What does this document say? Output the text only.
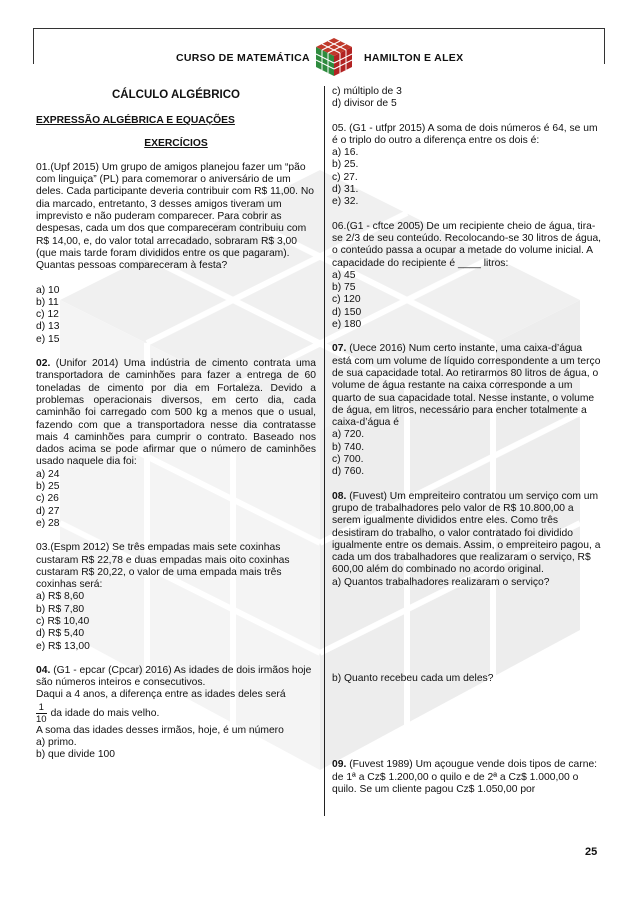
CURSO DE MATEMÁTICA	HAMILTON E ALEX
CÁLCULO ALGÉBRICO
EXPRESSÃO ALGÉBRICA E EQUAÇÕES
EXERCÍCIOS

01.(Upf 2015) Um grupo de amigos planejou fazer um “pão com linguiça” (PL) para comemorar o aniversário de um deles. Cada participante deveria contribuir com R$ 11,00. No dia marcado, entretanto, 3 desses amigos tiveram um imprevisto e não puderam comparecer. Para cobrir as despesas, cada um dos que compareceram contribuiu com R$ 14,00, e, do valor total arrecadado, sobraram R$ 3,00 (que mais tarde foram divididos entre os que pagaram). Quantas pessoas compareceram à festa?

a) 10
b) 11
c) 12
d) 13
e) 15

02. (Unifor 2014) Uma indústria de cimento contrata uma transportadora de caminhões para fazer a entrega de 60 toneladas de cimento por dia em Fortaleza. Devido a problemas operacionais diversos, em certo dia, cada caminhão foi carregado com 500 kg a menos que o usual, fazendo com que a transportadora nesse dia contratasse mais 4 caminhões para cumprir o contrato. Baseado nos dados acima se pode afirmar que o número de caminhões usado naquele dia foi:

a) 24
b) 25
c) 26
d) 27
e) 28

03.(Espm 2012) Se três empadas mais sete coxinhas custaram R$ 22,78 e duas empadas mais oito coxinhas custaram R$ 20,22, o valor de uma empada mais três coxinhas será:

a) R$ 8,60
b) R$ 7,80
c) R$ 10,40
d) R$ 5,40
e) R$ 13,00

04. (G1 - epcar (Cpcar) 2016) As idades de dois irmãos hoje são números inteiros e consecutivos.

Daqui a 4 anos, a diferença entre as idades deles será

$\frac{1}{10}$ da idade do mais velho.

A soma das idades desses irmãos, hoje, é um número

a) primo.
b) que divide 100
c) múltiplo de 3
d) divisor de 5

05. (G1 - utfpr 2015) A soma de dois números é 64, se um é o triplo do outro a diferença entre os dois é:

a) 16.
b) 25.
c) 27.
d) 31.
e) 32.

06.(G1 - cftce 2005) De um recipiente cheio de água, tira-se 2/3 de seu conteúdo. Recolocando-se 30 litros de água, o conteúdo passa a ocupar a metade do volume inicial. A capacidade do recipiente é ____ litros:

a) 45
b) 75
c) 120
d) 150
e) 180

07. (Uece 2016) Num certo instante, uma caixa-d’água está com um volume de líquido correspondente a um terço de sua capacidade total. Ao retirarmos 80 litros de água, o volume de água restante na caixa corresponde a um quarto de sua capacidade total. Nesse instante, o volume de água, em litros, necessário para encher totalmente a caixa-d’água é

a) 720.
b) 740.
c) 700.
d) 760.

08. (Fuvest) Um empreiteiro contratou um serviço com um grupo de trabalhadores pelo valor de R$ 10.800,00 a serem igualmente divididos entre eles. Como três desistiram do trabalho, o valor contratado foi dividido igualmente entre os demais. Assim, o empreiteiro pagou, a cada um dos trabalhadores que realizaram o serviço, R$ 600,00 além do combinado no acordo original.

a) Quantos trabalhadores realizaram o serviço?

b) Quanto recebeu cada um deles?

09. (Fuvest 1989) Um açougue vende dois tipos de carne: de 1ª a Cz$ 1.200,00 o quilo e de 2ª a Cz$ 1.000,00 o quilo. Se um cliente pagou Cz$ 1.050,00 por

25
